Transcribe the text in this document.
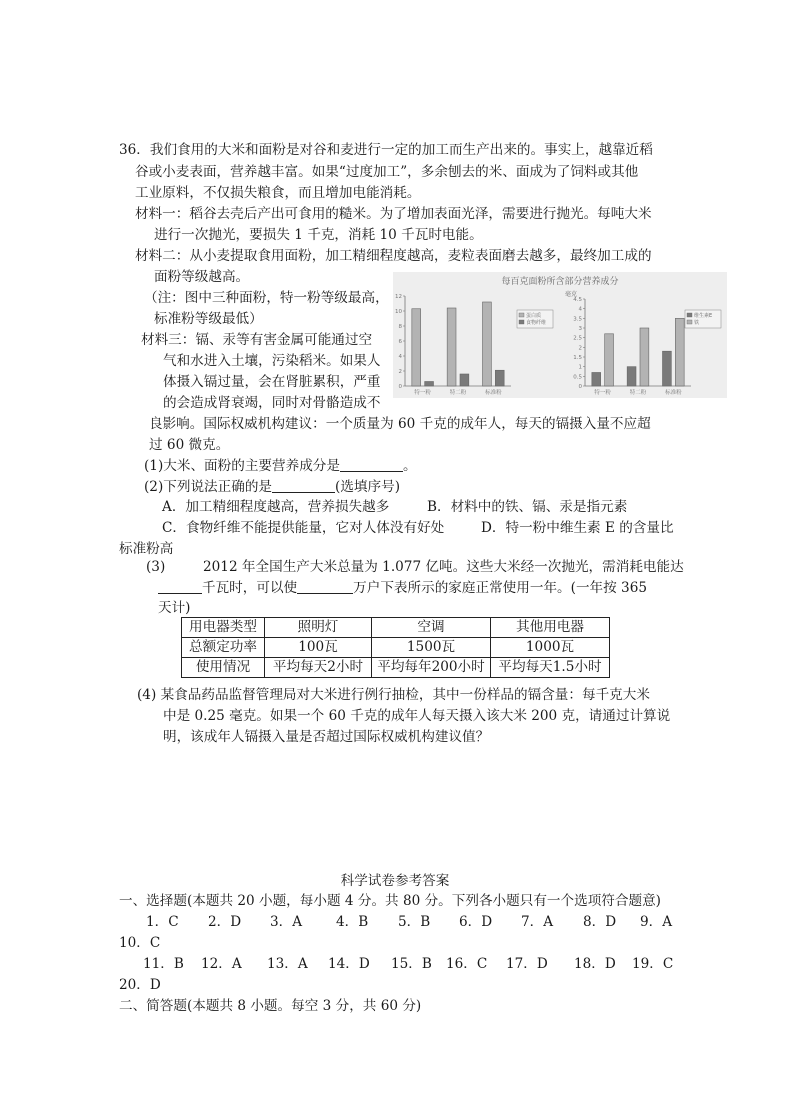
36．我们食用的大米和面粉是对谷和麦进行一定的加工而生产出来的。事实上，越靠近稻
谷或小麦表面，营养越丰富。如果“过度加工”，多余刨去的米、面成为了饲料或其他
工业原料，不仅损失粮食，而且增加电能消耗。
材料一：稻谷去壳后产出可食用的糙米。为了增加表面光泽，需要进行抛光。每吨大米
进行一次抛光，要损失 1 千克，消耗 10 千瓦时电能。
材料二：从小麦提取食用面粉，加工精细程度越高，麦粒表面磨去越多，最终加工成的
面粉等级越高。
（注：图中三种面粉，特一粉等级最高，
标准粉等级最低）
材料三：镉、汞等有害金属可能通过空
气和水进入土壤，污染稻米。如果人
体摄入镉过量，会在肾脏累积，严重
的会造成肾衰竭，同时对骨骼造成不
良影响。国际权威机构建议：一个质量为 60 千克的成年人，每天的镉摄入量不应超
过 60 微克。
每百克面粉所含部分营养成分
毫克
0
2
4
6
8
10
12
特一粉	特二粉	标准粉
蛋白质
食物纤维
0
0.5
1
1.5
2
2.5
3
3.5
4
4.5
特一粉	特二粉	标准粉
维生素E
铁
(1)大米、面粉的主要营养成分是	。
(2)下列说法正确的是	(选填序号)
A．加工精细程度越高，营养损失越多	B．材料中的铁、镉、汞是指元素
C．食物纤维不能提供能量，它对人体没有好处	D．特一粉中维生素 E 的含量比
标准粉高
(3)	2012 年全国生产大米总量为 1.077 亿吨。这些大米经一次抛光，需消耗电能达
千瓦时，可以使	万户下表所示的家庭正常使用一年。(一年按 365
天计)
用电器类型	照明灯	空调	其他用电器
总额定功率	100瓦	1500瓦	1000瓦
使用情况	平均每天2小时	平均每年200小时	平均每天1.5小时
(4) 某食品药品监督管理局对大米进行例行抽检，其中一份样品的镉含量：每千克大米
中是 0.25 毫克。如果一个 60 千克的成年人每天摄入该大米 200 克，请通过计算说
明，该成年人镉摄入量是否超过国际权威机构建议值？
科学试卷参考答案
一、选择题(本题共 20 小题，每小题 4 分。共 80 分。下列各小题只有一个选项符合题意)
1．C 2．D 3．A 4．B 5．B 6．D 7．A 8．D 9．A
10．C
11．B 12．A 13．A 14．D 15．B 16．C 17．D 18．D 19．C
20．D
二、简答题(本题共 8 小题。每空 3 分，共 60 分)
